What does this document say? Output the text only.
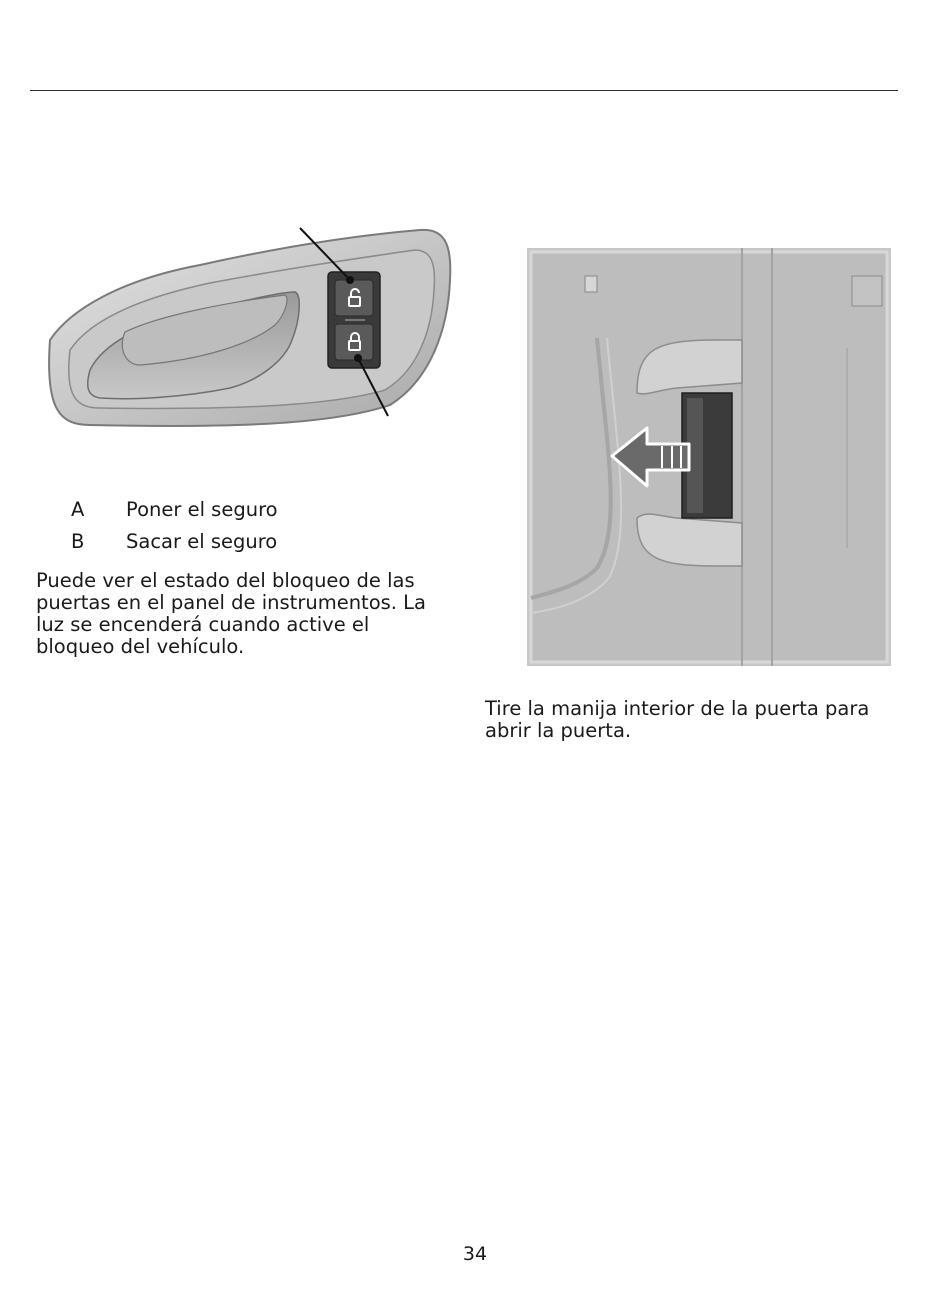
A	Poner el seguro
B	Sacar el seguro

Puede ver el estado del bloqueo de las puertas en el panel de instrumentos. La luz se encenderá cuando active el bloqueo del vehículo.

Tire la manija interior de la puerta para abrir la puerta.

34
